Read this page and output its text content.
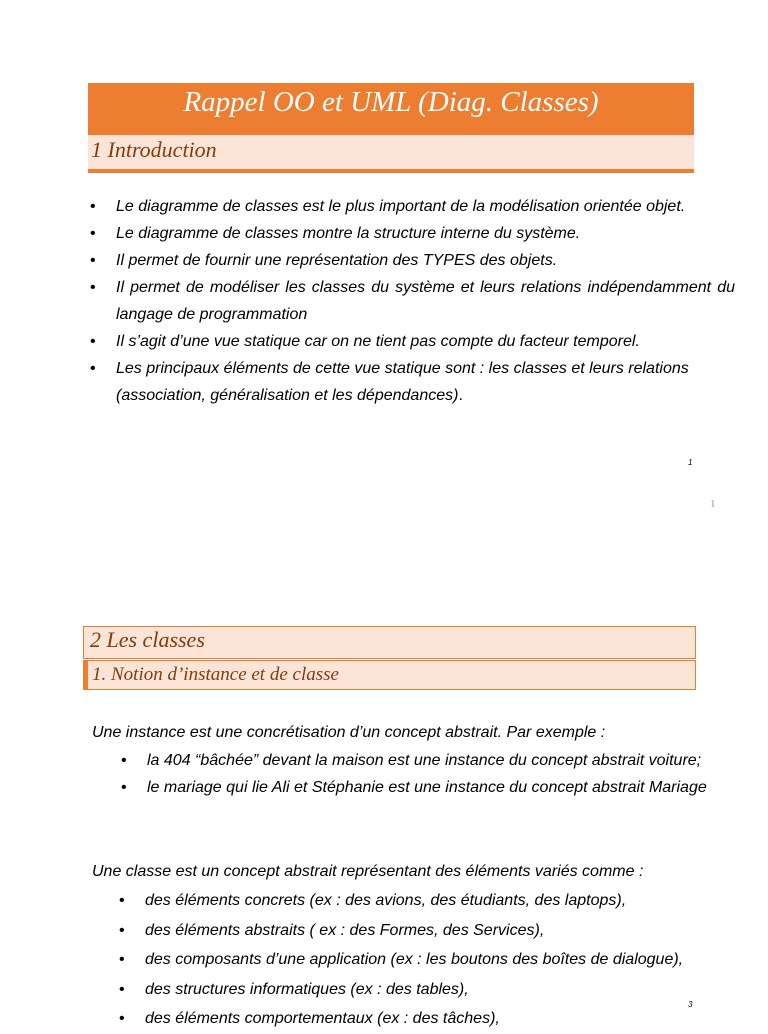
Rappel OO et UML (Diag. Classes)
1 Introduction
• Le diagramme de classes est le plus important de la modélisation orientée objet.
• Le diagramme de classes montre la structure interne du système.
• Il permet de fournir une représentation des TYPES des objets.
• Il permet de modéliser les classes du système et leurs relations indépendamment du langage de programmation
• Il s’agit d’une vue statique car on ne tient pas compte du facteur temporel.
• Les principaux éléments de cette vue statique sont : les classes et leurs relations (association, généralisation et les dépendances).
1
1
2 Les classes
1. Notion d’instance et de classe
Une instance est une concrétisation d’un concept abstrait. Par exemple :
• la 404 “bâchée” devant la maison est une instance du concept abstrait voiture;
• le mariage qui lie Ali et Stéphanie est une instance du concept abstrait Mariage
Une classe est un concept abstrait représentant des éléments variés comme :
• des éléments concrets (ex : des avions, des étudiants, des laptops),
• des éléments abstraits ( ex : des Formes, des Services),
• des composants d’une application (ex : les boutons des boîtes de dialogue),
• des structures informatiques (ex : des tables),
• des éléments comportementaux (ex : des tâches),
3
